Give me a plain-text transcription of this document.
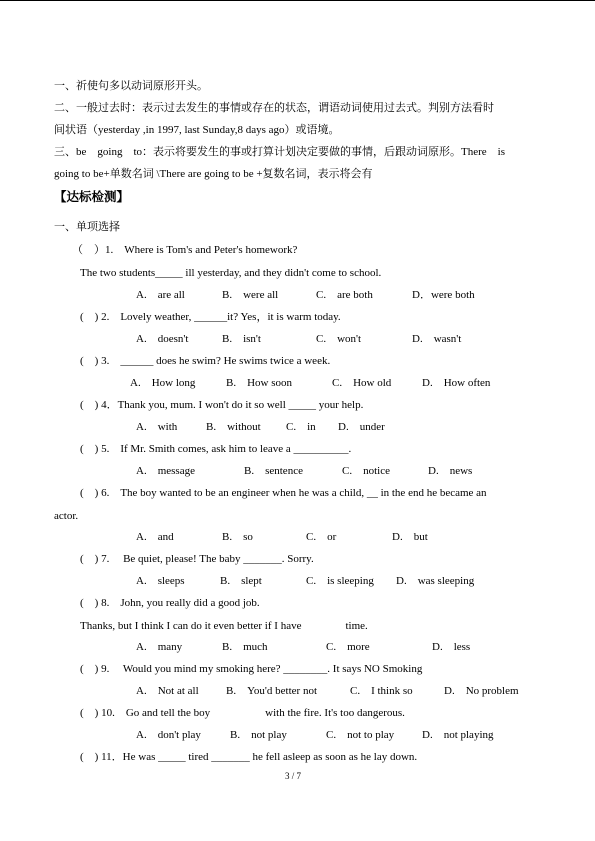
一、祈使句多以动词原形开头。
二、一般过去时：表示过去发生的事情或存在的状态，谓语动词使用过去式。判别方法看时
间状语（yesterday ,in 1997, last Sunday,8 days ago）或语境。
三、be　going　to：表示将要发生的事或打算计划决定要做的事情，后跟动词原形。There　is
going to be+单数名词 \There are going to be +复数名词，表示将会有
【达标检测】
一、单项选择
（　）1.　Where is Tom's and Peter's homework?
The two students_____ ill yesterday, and they didn't come to school.
A.　are all	B.　were all	C.　are both	D．were both
(　) 2.　Lovely weather, ______it? Yes，it is warm today.
A.　doesn't	B.　isn't	C.　won't	D.　wasn't
(　) 3.　______ does he swim? He swims twice a week.
A.　How long	B.　How soon	C.　How old	D.　How often
(　) 4．Thank you, mum. I won't do it so well _____ your help.
A.　with	B.　without C.　in D.　under
(　) 5.　If Mr. Smith comes, ask him to leave a __________.
A.　message	B.　sentence	C.　notice	D.　news
(　) 6.　The boy wanted to be an engineer when he was a child, __ in the end he became an
actor.
A.　and	B.　so	C.　or	D.　but
(　) 7.　 Be quiet, please! The baby _______. Sorry.
A.　sleeps	B.　slept	C.　is sleeping D.　was sleeping
(　) 8.　John, you really did a good job.
Thanks, but I think I can do it even better if I have　　　　time.
A.　many	B.　much	C.　more	D.　less
(　) 9.　 Would you mind my smoking here? ________. It says NO Smoking
A.　Not at all B.　You'd better not	C.　I think so	D.　No problem
(　) 10.　Go and tell the boy　　　　　with the fire. It's too dangerous.
A.　don't play	B.　not play	C.　not to play	D.　not playing
(　) 11．He was _____ tired _______ he fell asleep as soon as he lay down.
3 / 7
